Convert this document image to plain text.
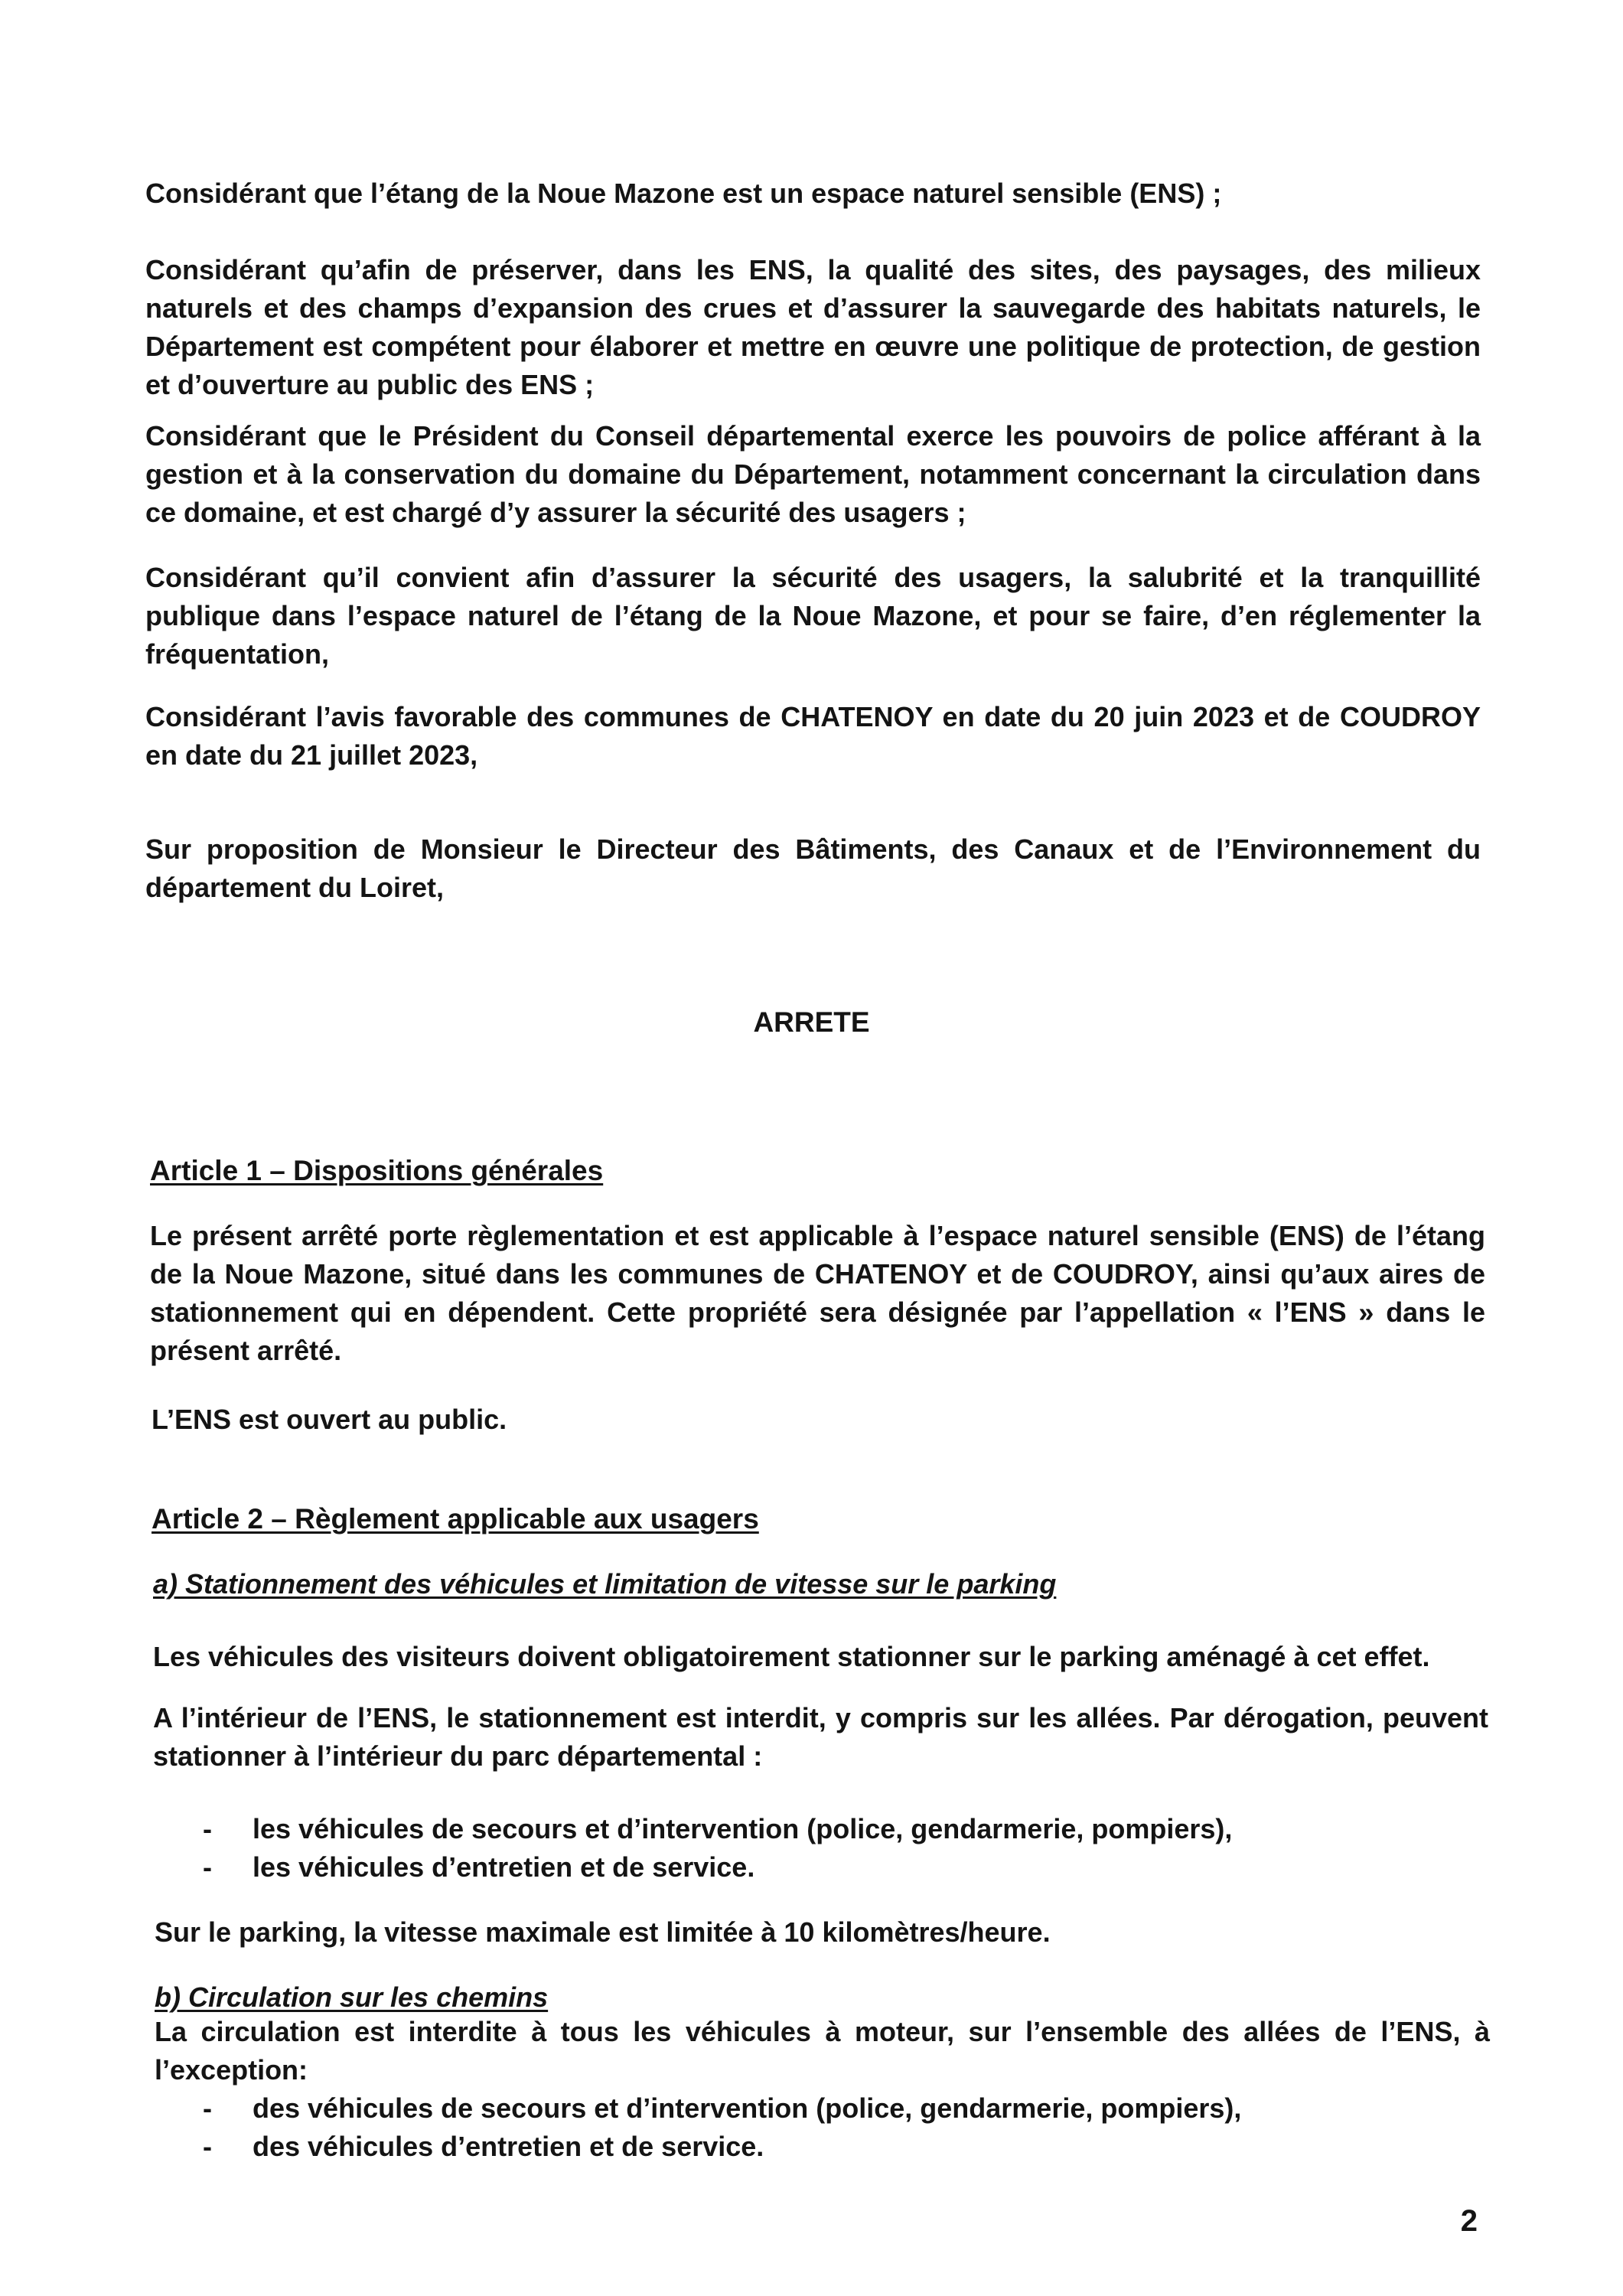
Considérant que l’étang de la Noue Mazone est un espace naturel sensible (ENS) ;

Considérant qu’afin de préserver, dans les ENS, la qualité des sites, des paysages, des milieux naturels et des champs d’expansion des crues et d’assurer la sauvegarde des habitats naturels, le Département est compétent pour élaborer et mettre en œuvre une politique de protection, de gestion et d’ouverture au public des ENS ;

Considérant que le Président du Conseil départemental exerce les pouvoirs de police afférant à la gestion et à la conservation du domaine du Département, notamment concernant la circulation dans ce domaine, et est chargé d’y assurer la sécurité des usagers ;

Considérant qu’il convient afin d’assurer la sécurité des usagers, la salubrité et la tranquillité publique dans l’espace naturel de l’étang de la Noue Mazone, et pour se faire, d’en réglementer la fréquentation,

Considérant l’avis favorable des communes de CHATENOY en date du 20 juin 2023 et de COUDROY en date du 21 juillet 2023,

Sur proposition de Monsieur le Directeur des Bâtiments, des Canaux et de l’Environnement du département du Loiret,

ARRETE
Article 1 – Dispositions générales

Le présent arrêté porte règlementation et est applicable à l’espace naturel sensible (ENS) de l’étang de la Noue Mazone, situé dans les communes de CHATENOY et de COUDROY, ainsi qu’aux aires de stationnement qui en dépendent. Cette propriété sera désignée par l’appellation « l’ENS » dans le présent arrêté.

L’ENS est ouvert au public.

Article 2 – Règlement applicable aux usagers
a) Stationnement des véhicules et limitation de vitesse sur le parking

Les véhicules des visiteurs doivent obligatoirement stationner sur le parking aménagé à cet effet.

A l’intérieur de l’ENS, le stationnement est interdit, y compris sur les allées. Par dérogation, peuvent stationner à l’intérieur du parc départemental :

- les véhicules de secours et d’intervention (police, gendarmerie, pompiers),
- les véhicules d’entretien et de service.

Sur le parking, la vitesse maximale est limitée à 10 kilomètres/heure.

b) Circulation sur les chemins

La circulation est interdite à tous les véhicules à moteur, sur l’ensemble des allées de l’ENS, à l’exception:

- des véhicules de secours et d’intervention (police, gendarmerie, pompiers),
- des véhicules d’entretien et de service.
2
